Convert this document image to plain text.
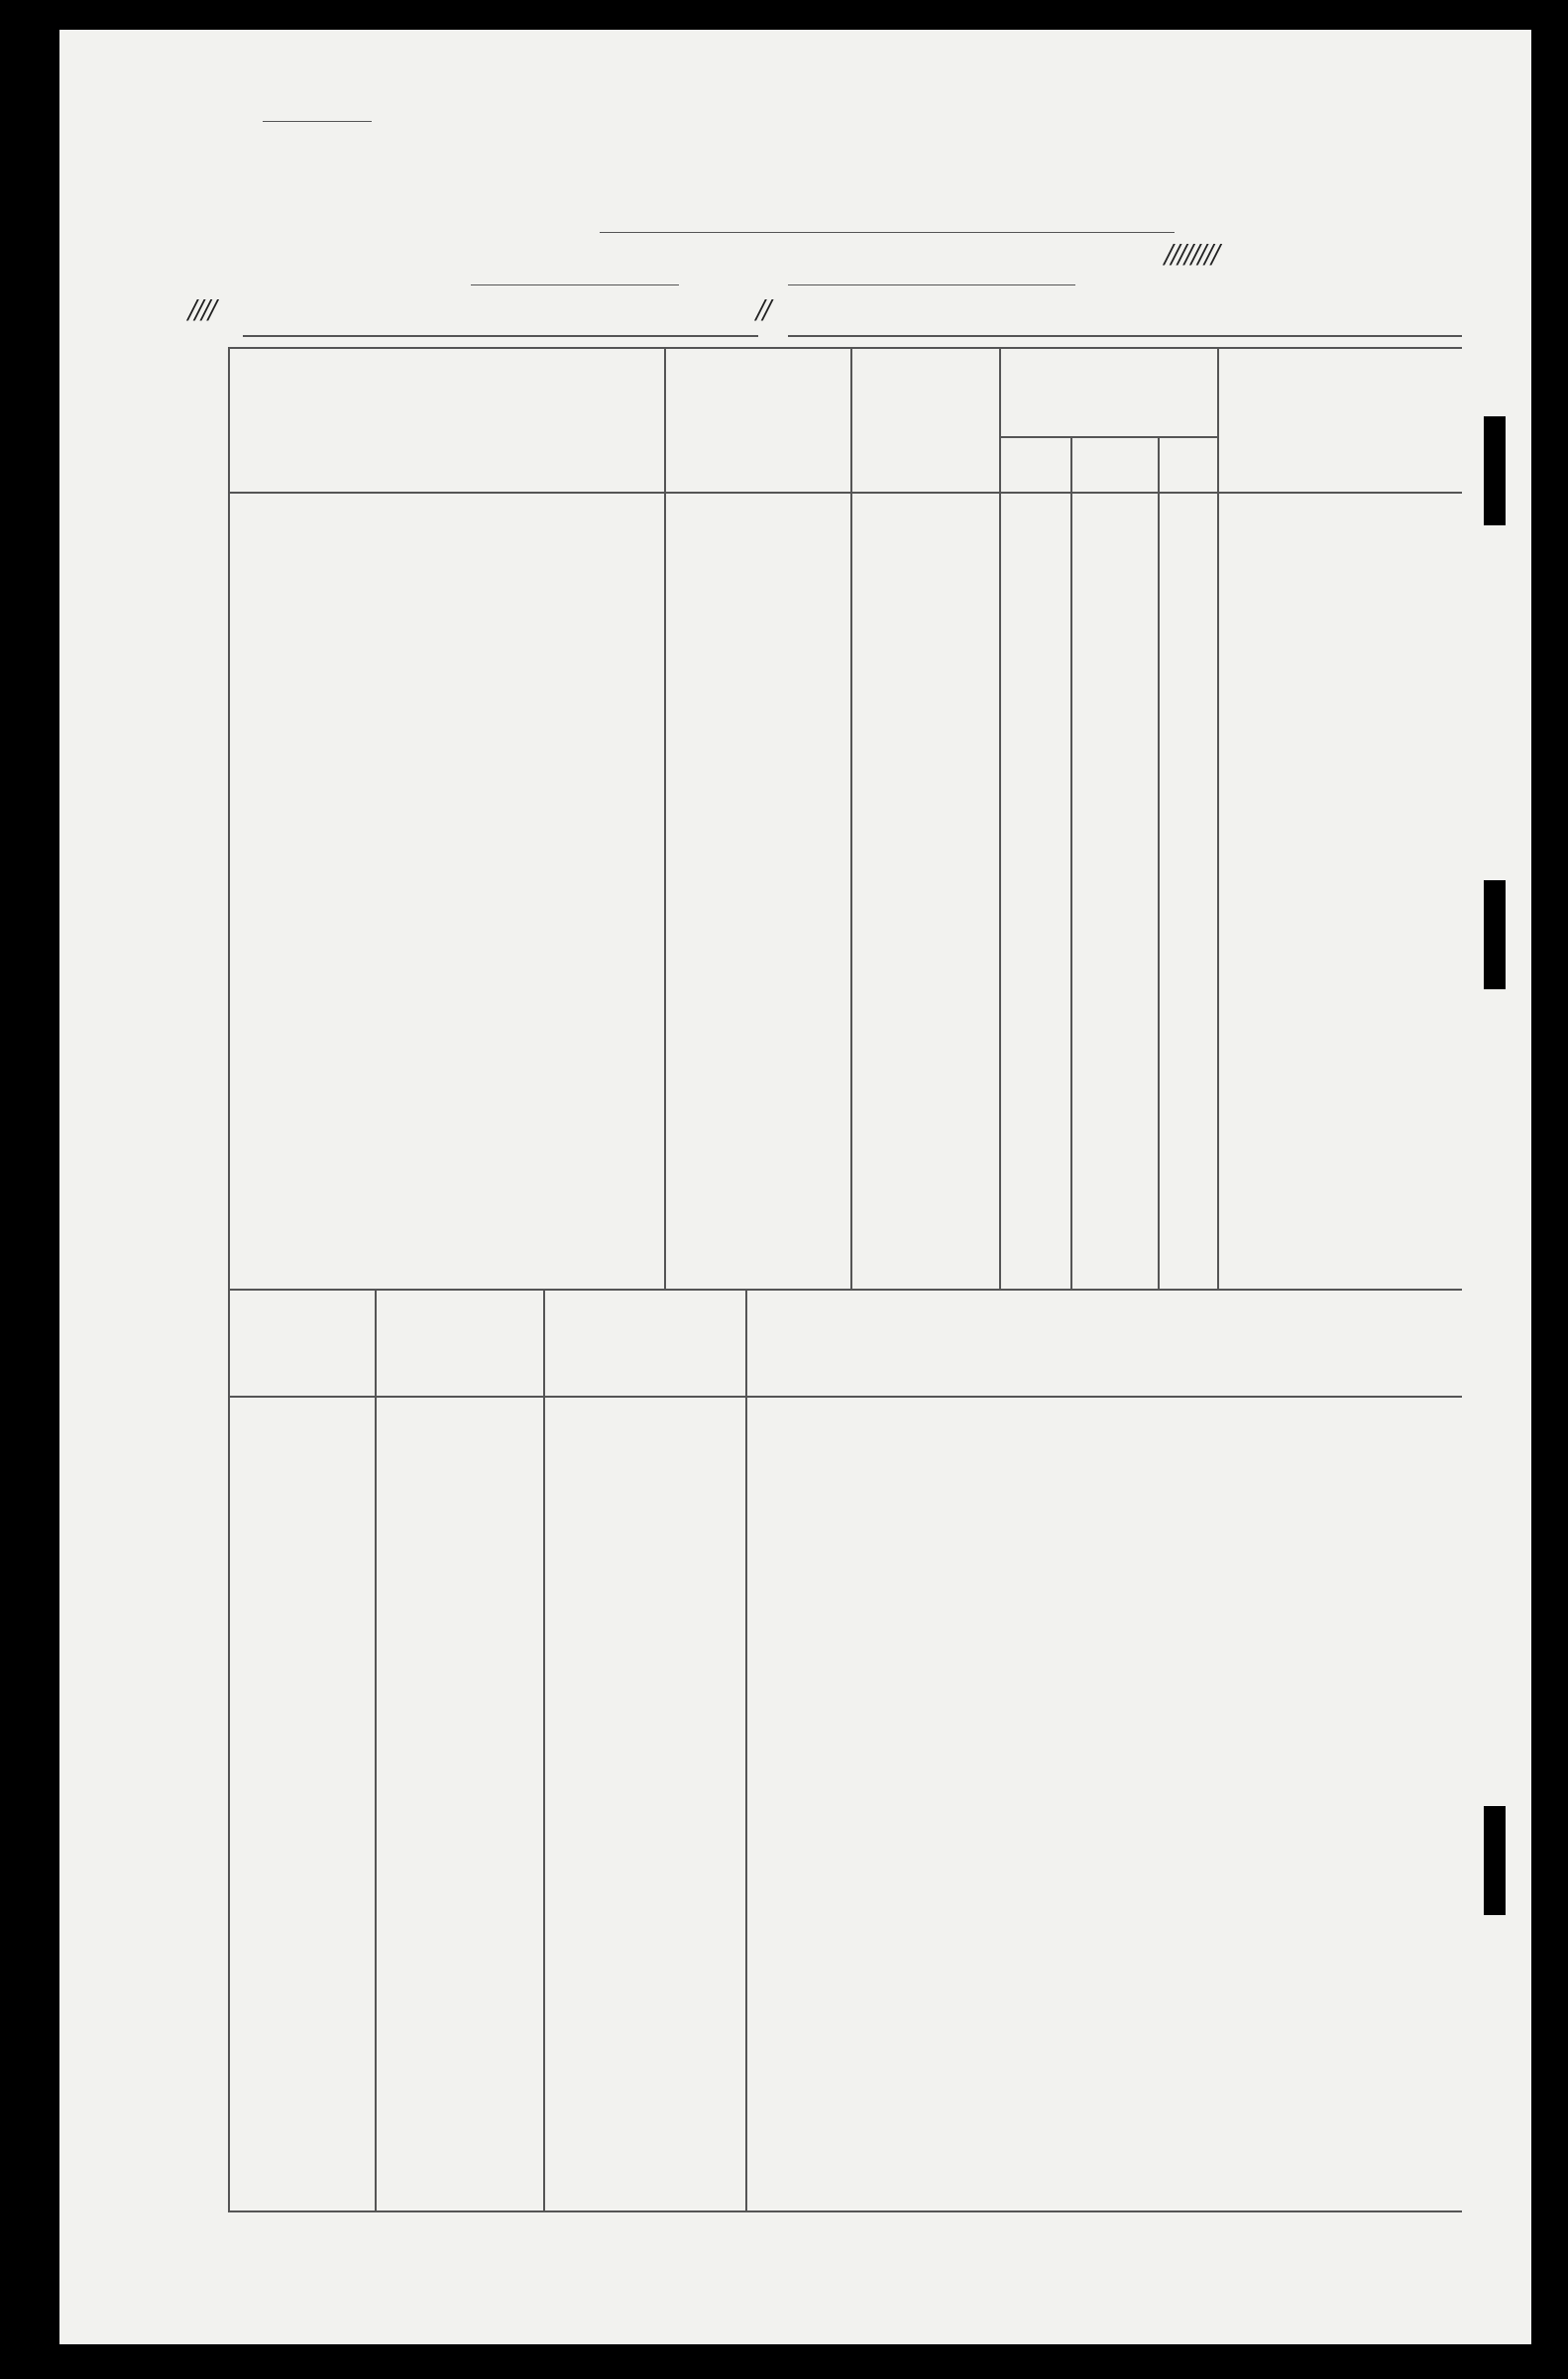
////////
////	//
